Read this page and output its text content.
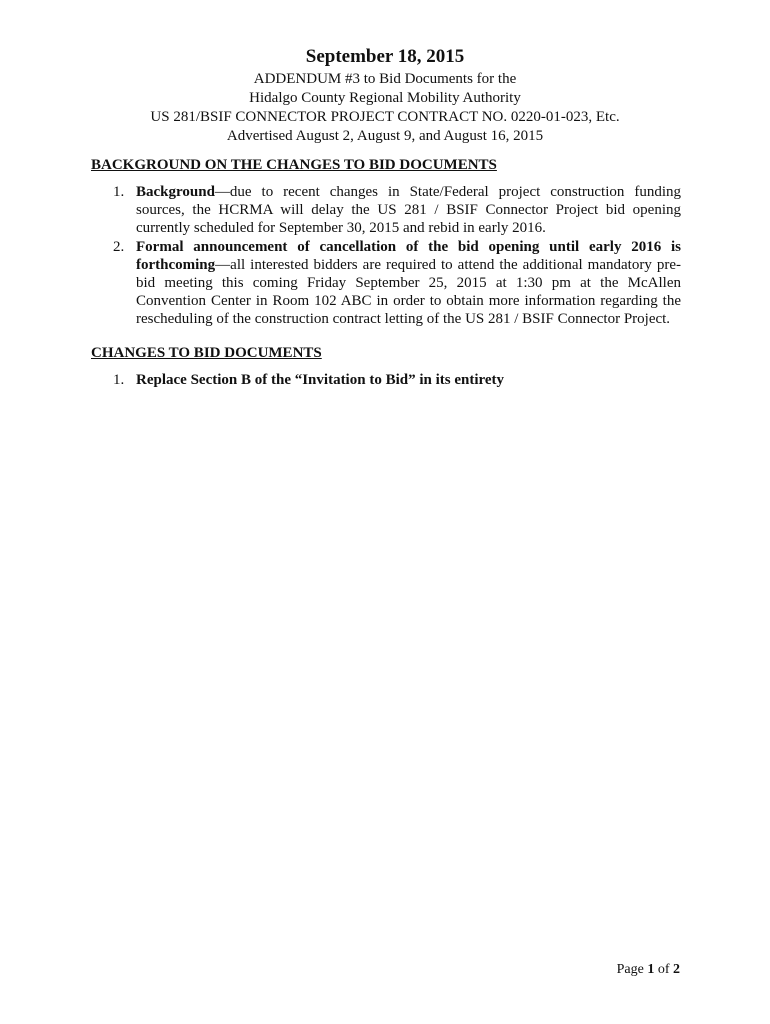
September 18, 2015

ADDENDUM #3 to Bid Documents for the

Hidalgo County Regional Mobility Authority

US 281/BSIF CONNECTOR PROJECT CONTRACT NO. 0220-01-023, Etc.

Advertised August 2, August 9, and August 16, 2015

BACKGROUND ON THE CHANGES TO BID DOCUMENTS

1. Background—due to recent changes in State/Federal project construction funding sources, the HCRMA will delay the US 281 / BSIF Connector Project bid opening currently scheduled for September 30, 2015 and rebid in early 2016.
2. Formal announcement of cancellation of the bid opening until early 2016 is forthcoming—all interested bidders are required to attend the additional mandatory pre-bid meeting this coming Friday September 25, 2015 at 1:30 pm at the McAllen Convention Center in Room 102 ABC in order to obtain more information regarding the rescheduling of the construction contract letting of the US 281 / BSIF Connector Project.

CHANGES TO BID DOCUMENTS

1. Replace Section B of the “Invitation to Bid” in its entirety
Page 1 of 2
